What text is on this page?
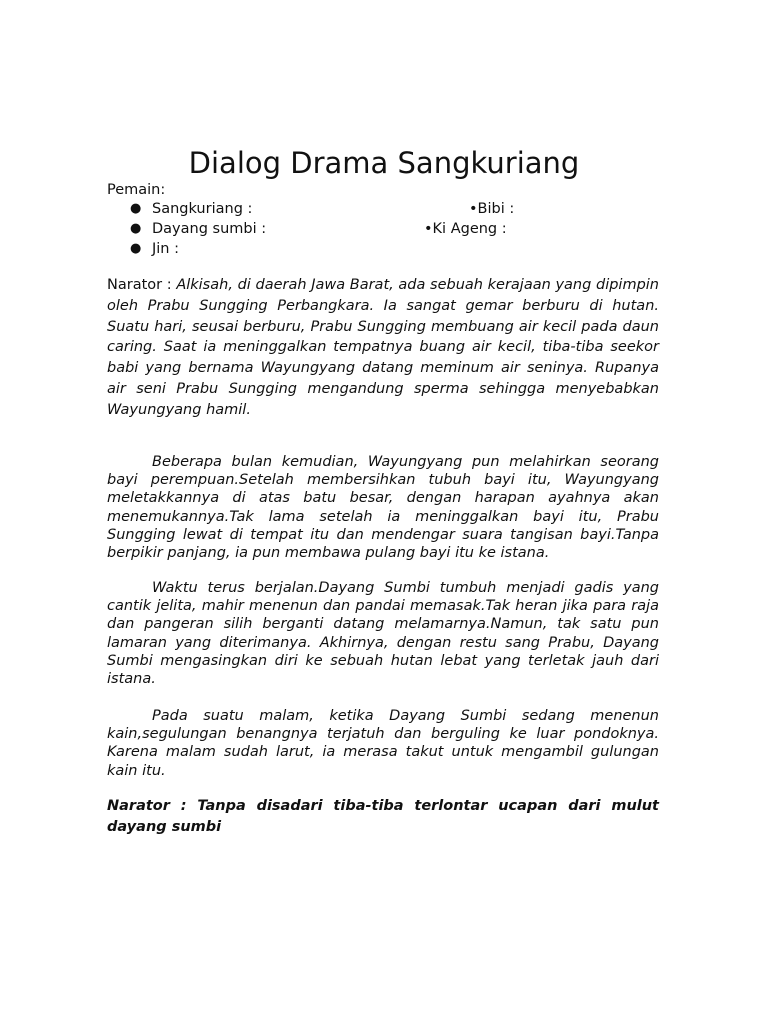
Dialog Drama Sangkuriang
Pemain:
● Sangkuriang :	•Bibi :
● Dayang sumbi :	•Ki Ageng :
● Jin :

Narator : Alkisah, di daerah Jawa Barat, ada sebuah kerajaan yang dipimpin oleh Prabu Sungging Perbangkara. Ia sangat gemar berburu di hutan. Suatu hari, seusai berburu, Prabu Sungging membuang air kecil pada daun caring. Saat ia meninggalkan tempatnya buang air kecil, tiba-tiba seekor babi yang bernama Wayungyang datang meminum air seninya. Rupanya air seni Prabu Sungging mengandung sperma sehingga menyebabkan Wayungyang hamil.

Beberapa bulan kemudian, Wayungyang pun melahirkan seorang bayi perempuan.Setelah membersihkan tubuh bayi itu, Wayungyang meletakkannya di atas batu besar, dengan harapan ayahnya akan menemukannya.Tak lama setelah ia meninggalkan bayi itu, Prabu Sungging lewat di tempat itu dan mendengar suara tangisan bayi.Tanpa berpikir panjang, ia pun membawa pulang bayi itu ke istana.

Waktu terus berjalan.Dayang Sumbi tumbuh menjadi gadis yang cantik jelita, mahir menenun dan pandai memasak.Tak heran jika para raja dan pangeran silih berganti datang melamarnya.Namun, tak satu pun lamaran yang diterimanya. Akhirnya, dengan restu sang Prabu, Dayang Sumbi mengasingkan diri ke sebuah hutan lebat yang terletak jauh dari istana.

Pada suatu malam, ketika Dayang Sumbi sedang menenun kain,segulungan benangnya terjatuh dan berguling ke luar pondoknya. Karena malam sudah larut, ia merasa takut untuk mengambil gulungan kain itu.

Narator : Tanpa disadari tiba-tiba terlontar ucapan dari mulut dayang sumbi
